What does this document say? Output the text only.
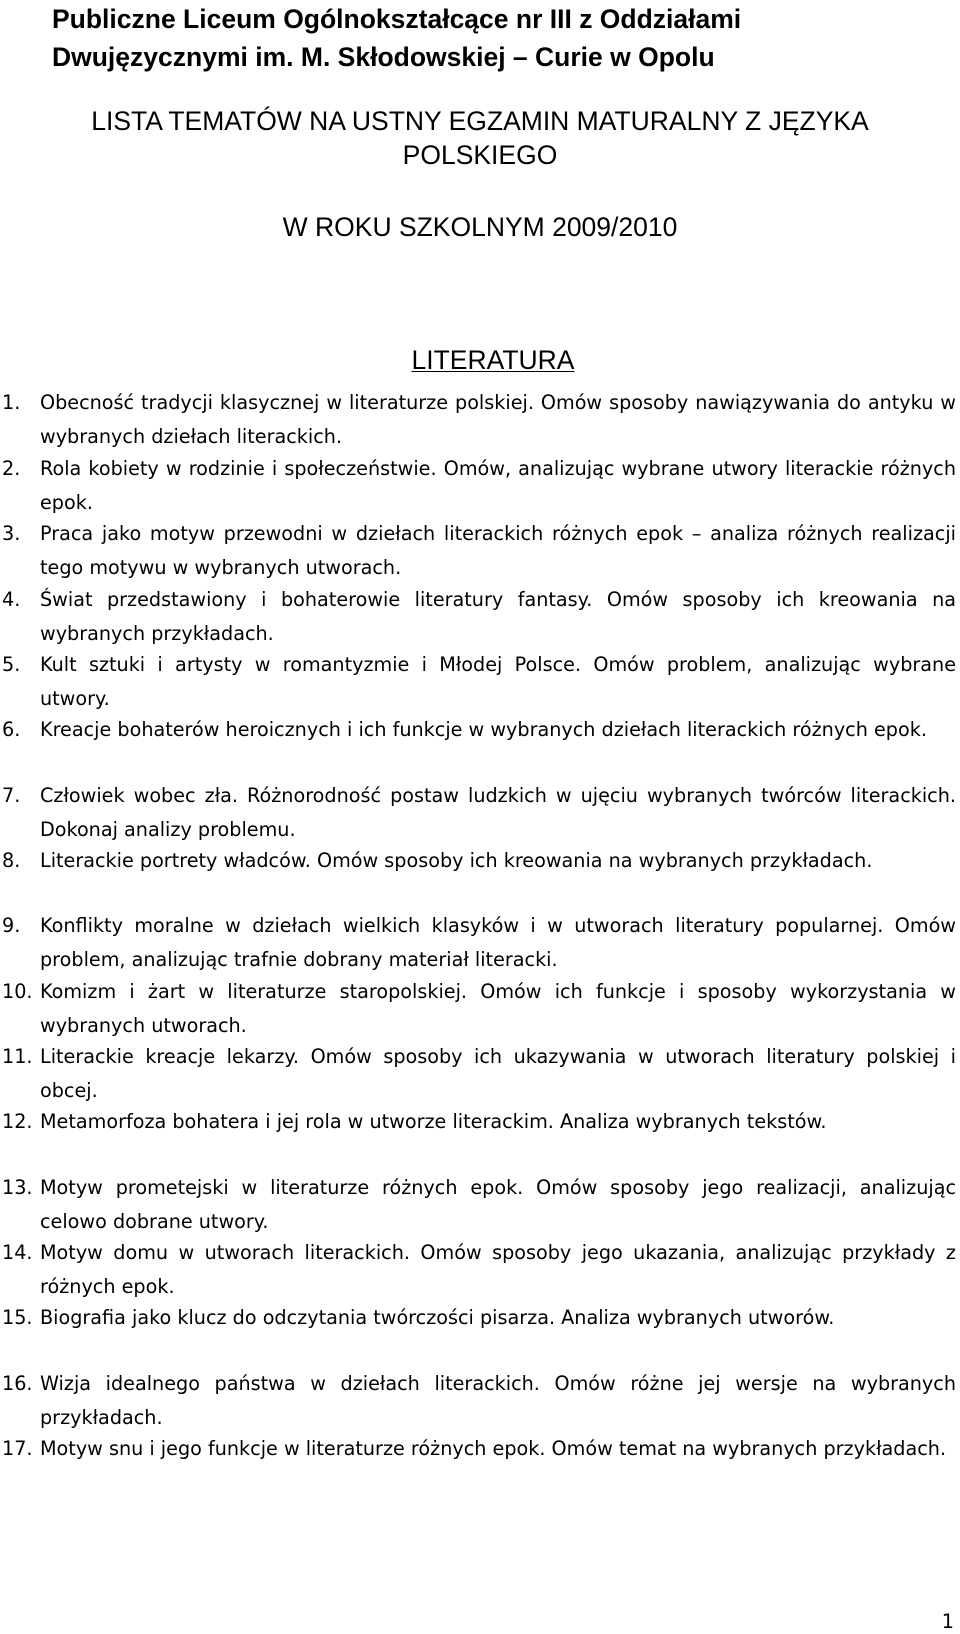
Publiczne Liceum Ogólnokształcące nr III z Oddziałami
Dwujęzycznymi im. M. Skłodowskiej – Curie w Opolu
LISTA TEMATÓW NA USTNY EGZAMIN MATURALNY Z JĘZYKA
POLSKIEGO
W ROKU SZKOLNYM 2009/2010
LITERATURA
1. Obecność tradycji klasycznej w literaturze polskiej. Omów sposoby nawiązywania do antyku w wybranych dziełach literackich.
2. Rola kobiety w rodzinie i społeczeństwie. Omów, analizując wybrane utwory literackie różnych epok.
3. Praca jako motyw przewodni w dziełach literackich różnych epok – analiza różnych realizacji tego motywu w wybranych utworach.
4. Świat przedstawiony i bohaterowie literatury fantasy. Omów sposoby ich kreowania na wybranych przykładach.
5. Kult sztuki i artysty w romantyzmie i Młodej Polsce. Omów problem, analizując wybrane utwory.
6. Kreacje bohaterów heroicznych i ich funkcje w wybranych dziełach literackich różnych epok.
7. Człowiek wobec zła. Różnorodność postaw ludzkich w ujęciu wybranych twórców literackich. Dokonaj analizy problemu.
8. Literackie portrety władców. Omów sposoby ich kreowania na wybranych przykładach.
9. Konflikty moralne w dziełach wielkich klasyków i w utworach literatury popularnej. Omów problem, analizując trafnie dobrany materiał literacki.
10. Komizm i żart w literaturze staropolskiej. Omów ich funkcje i sposoby wykorzystania w wybranych utworach.
11. Literackie kreacje lekarzy. Omów sposoby ich ukazywania w utworach literatury polskiej i obcej.
12. Metamorfoza bohatera i jej rola w utworze literackim. Analiza wybranych tekstów.
13. Motyw prometejski w literaturze różnych epok. Omów sposoby jego realizacji, analizując celowo dobrane utwory.
14. Motyw domu w utworach literackich. Omów sposoby jego ukazania, analizując przykłady z różnych epok.
15. Biografia jako klucz do odczytania twórczości pisarza. Analiza wybranych utworów.
16. Wizja idealnego państwa w dziełach literackich. Omów różne jej wersje na wybranych przykładach.
17. Motyw snu i jego funkcje w literaturze różnych epok. Omów temat na wybranych przykładach.
1
